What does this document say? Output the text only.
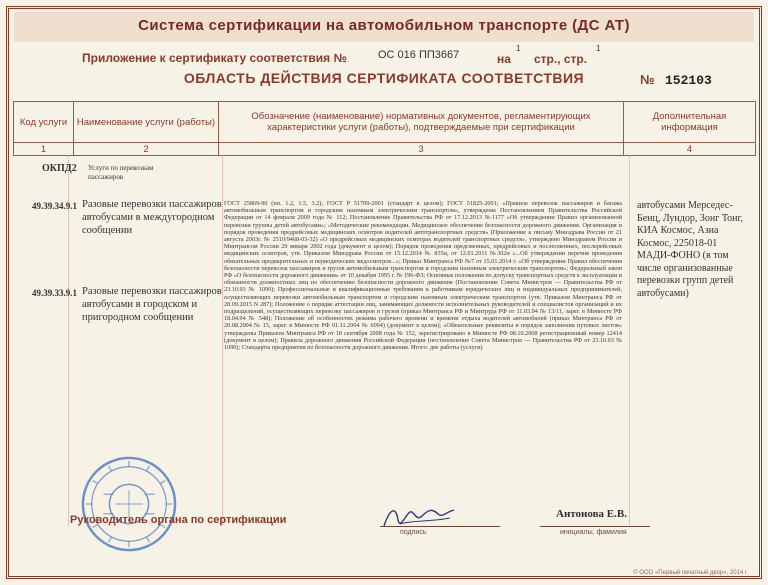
Система сертификации на автомобильном транспорте (ДС АТ)
Приложение к сертификату соответствия №	ОС 016 ПП3667	на
1
стр., стр.
1
ОБЛАСТЬ ДЕЙСТВИЯ СЕРТИФИКАТА СООТВЕТСТВИЯ	№ 152103
Код услуги	Наименование услуги (работы)	Обозначение (наименование) нормативных документов, регламентирующих характеристики услуги (работы), подтверждаемые при сертификации	Дополнительная информация
1	2	3	4
ОКПД2 Услуги по перевозкам пассажиров
49.39.34.9.1 Разовые перевозки пассажиров автобусами в междугородном сообщении
49.39.33.9.1 Разовые перевозки пассажиров автобусами в городском и пригородном сообщении
ГОСТ 25869-90 (пп. 1.2, 1.5, 3.2); ГОСТ Р 51709-2001 (стандарт в целом); ГОСТ 51825-2001; «Правила перевозок пассажиров и багажа автомобильным транспортом и городским наземным электрическим транспортом», утверждены Постановлением Правительства Российской Федерации от 14 февраля 2009 года № 112; Постановление Правительства РФ от 17.12.2013 №1177 «Об утверждении Правил организованной перевозки группы детей автобусами»; «Методические рекомендации. Медицинское обеспечение безопасности дорожного движения. Организация и порядок проведения предрейсовых медицинских осмотров водителей автотранспортных средств» (Приложение к письму Минздрава России от 21 августа 2003г. № 2510/9468-03-32) «О предрейсовых медицинских осмотрах водителей транспортных средств», утверждено Минздравом России и Минтрансом России 29 января 2002 года (документ в целом); Порядок проведения предсменных, предрейсовых и послесменных, послерейсовых медицинских осмотров, утв. Приказом Минздрава России от 15.12.2014 № 835н, от 12.01.2011 №302н «...Об утверждении перечня проведения обязательных предварительных и периодических медосмотров...»; Приказ Минтранса РФ №7 от 15.01.2014 г. «Об утверждении Правил обеспечения безопасности перевозок пассажиров и грузов автомобильным транспортом и городским наземным электрическим транспортом»; Федеральный закон РФ «О безопасности дорожного движения» от 10 декабря 1995 г. № 196-ФЗ; Основные положения по допуску транспортных средств к эксплуатации и обязанности должностных лиц по обеспечению безопасности дорожного движения (Постановление Совета Министров — Правительства РФ от 23.10.93 № 1090); Профессиональные и квалификационные требования к работникам юридических лиц и индивидуальных предпринимателей, осуществляющих перевозки автомобильным транспортом и городским наземным электрическим транспортом (утв. Приказом Минтранса РФ от 28.09.2015 N 287); Положение о порядке аттестации лиц, занимающих должности исполнительных руководителей и специалистов организаций и их подразделений, осуществляющих перевозку пассажиров и грузов (приказ Минтранса РФ и Минтруда РФ от 11.03.94 № 13/11, зарег. в Минюсте РФ 18.04.94 № 548); Положение об особенностях режима рабочего времени и времени отдыха водителей автомобилей (приказ Минтранса РФ от 20.08.2004 № 15, зарег. в Минюсте РФ 01.11.2004 № 6094) (документ в целом); «Обязательные реквизиты и порядок заполнения путевых листов» утверждены Приказом Минтранса РФ от 18 сентября 2008 года № 152, зарегистрировано в Минюсте РФ 08.10.2008 регистрационный номер 12414 (документ в целом); Правила дорожного движения Российской Федерации (постановление Совета Министров — Правительства РФ от 23.10.93 № 1090); Стандарты предприятия по безопасности дорожного движения. Итого: две работы (услуги)
автобусами Мерседес-Бенц, Лундор, Зонг Тонг, КИА Космос, Азиа Космос, 225018-01 МАДИ-ФОНО (в том числе организованные перевозки групп детей автобусами)
Руководитель органа по сертификации
подпись
Антонова Е.В.
инициалы, фамилия
© ООО «Первый печатный двор», 2014 г.
